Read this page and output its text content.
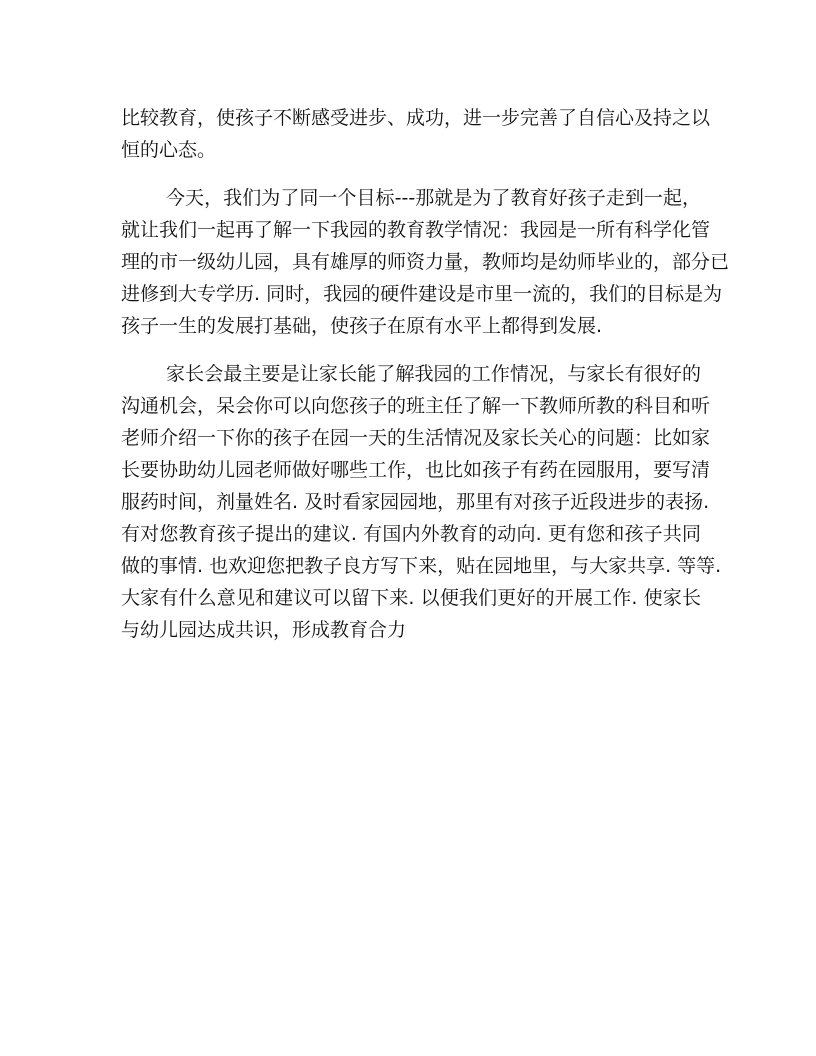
比较教育，使孩子不断感受进步、成功，进一步完善了自信心及持之以
恒的心态。
今天，我们为了同一个目标---那就是为了教育好孩子走到一起，
就让我们一起再了解一下我园的教育教学情况：我园是一所有科学化管
理的市一级幼儿园，具有雄厚的师资力量，教师均是幼师毕业的，部分已
进修到大专学历. 同时，我园的硬件建设是市里一流的，我们的目标是为
孩子一生的发展打基础，使孩子在原有水平上都得到发展.
家长会最主要是让家长能了解我园的工作情况，与家长有很好的
沟通机会，呆会你可以向您孩子的班主任了解一下教师所教的科目和听
老师介绍一下你的孩子在园一天的生活情况及家长关心的问题：比如家
长要协助幼儿园老师做好哪些工作，也比如孩子有药在园服用，要写清
服药时间，剂量姓名. 及时看家园园地，那里有对孩子近段进步的表扬.
有对您教育孩子提出的建议. 有国内外教育的动向. 更有您和孩子共同
做的事情. 也欢迎您把教子良方写下来，贴在园地里，与大家共享. 等等.
大家有什么意见和建议可以留下来. 以便我们更好的开展工作. 使家长
与幼儿园达成共识，形成教育合力
